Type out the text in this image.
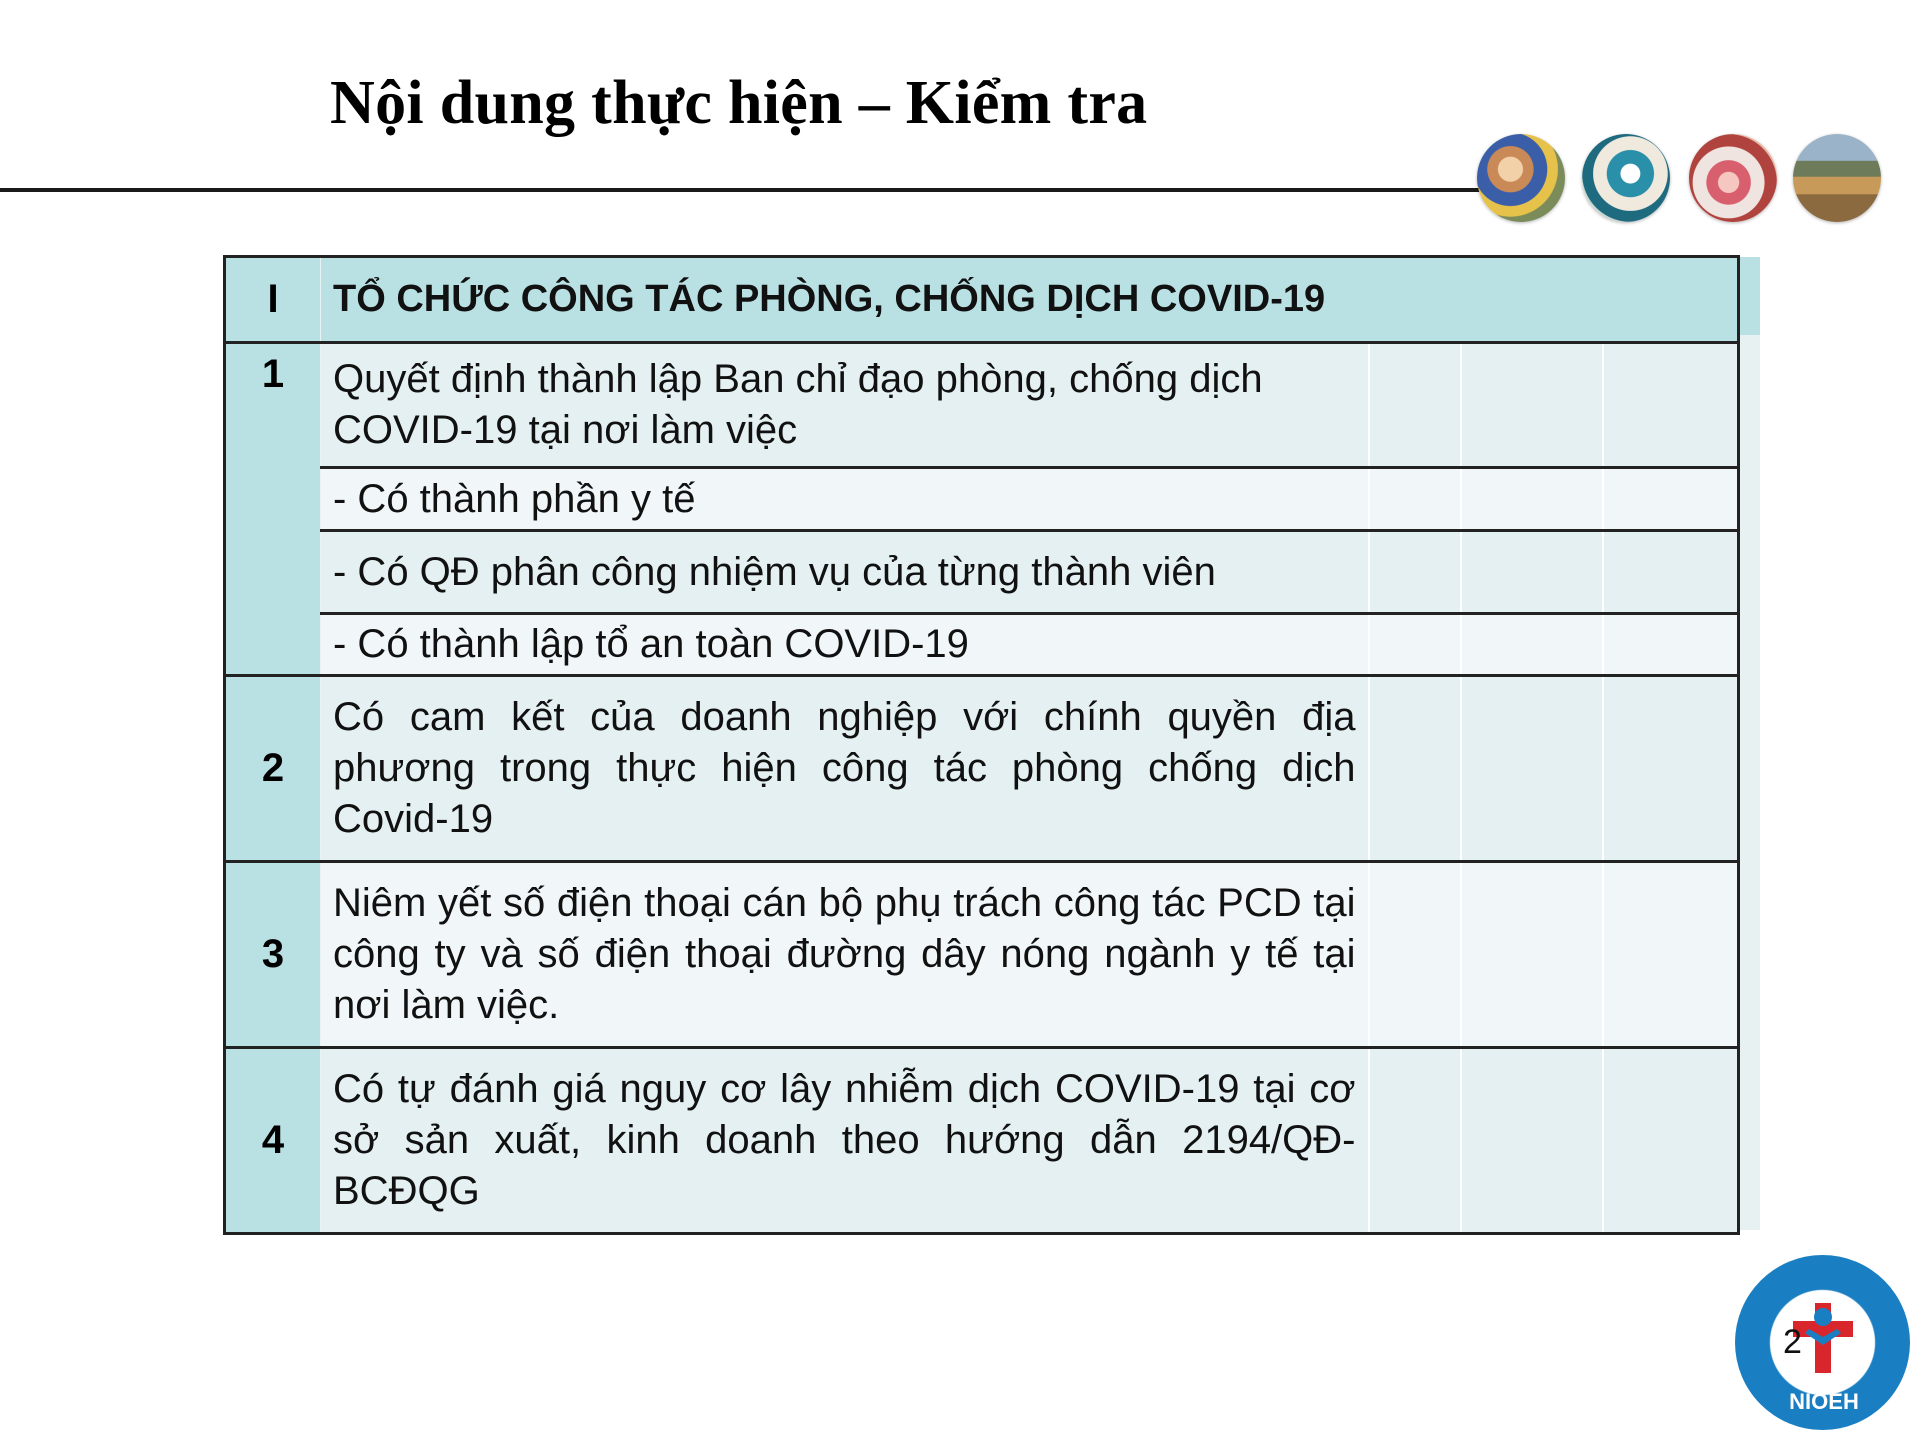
Nội dung thực hiện – Kiểm tra
I	TỔ CHỨC CÔNG TÁC PHÒNG, CHỐNG DỊCH COVID-19			
1	Quyết định thành lập Ban chỉ đạo phòng, chống dịch COVID-19 tại nơi làm việc			
	- Có thành phần y tế			
	- Có QĐ phân công nhiệm vụ của từng thành viên			
	- Có thành lập tổ an toàn COVID-19			
2	Có cam kết của doanh nghiệp với chính quyền địa phương trong thực hiện công tác phòng chống dịch Covid-19			
3	Niêm yết số điện thoại cán bộ phụ trách công tác PCD tại công ty và số điện thoại đường dây nóng ngành y tế tại nơi làm việc.			
4	Có tự đánh giá nguy cơ lây nhiễm dịch COVID-19 tại cơ sở sản xuất, kinh doanh theo hướng dẫn 2194/QĐ-BCĐQG			
NIOEH
2
